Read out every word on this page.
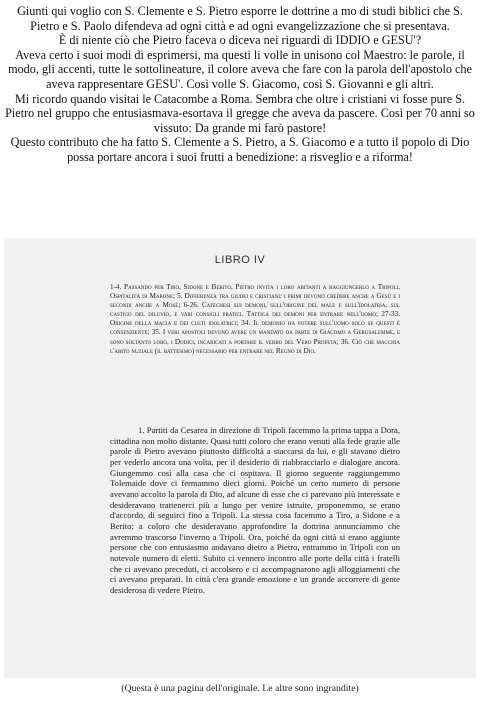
Giunti qui voglio con S. Clemente e S. Pietro esporre le dottrine a mo di studi biblici che S. Pietro e S. Paolo difendeva ad ogni città e ad ogni evangelizzazione che si presentava.

È di niente ciò che Pietro faceva o diceva nei riguardi di IDDIO e GESU'?

Aveva certo i suoi modi di esprimersi, ma questi li volle in unisono col Maestro: le parole, il modo, gli accenti, tutte le sottolineature, il colore aveva che fare con la parola dell'apostolo che aveva rappresentare GESU'. Così volle S. Giacomo, così S. Giovanni e gli altri.

Mi ricordo quando visitai le Catacombe a Roma. Sembra che oltre i cristiani vi fosse pure S. Pietro nel gruppo che entusiasmava-esortava il gregge che aveva da pascere. Così per 70 anni so vissuto: Da grande mi farò pastore!

Questo contributo che ha fatto S. Clemente a S. Pietro, a S. Giacomo e a tutto il popolo di Dio possa portare ancora i suoi frutti a benedizione: a risveglio e a riforma!

LIBRO IV
1-4. Passando per Tiro, Sidone e Berito, Pietro invita i loro abitanti a raggiungerlo a Tripoli. Ospitalità di Marone; 5. Differenza tra giudei e cristiani: i primi devono credere anche a Gesù e i secondi anche a Mosè; 6-26. Catechesi sui demoni, sull'origine del male e sull'idolatria, sul castigo del diluvio, e vari consigli pratici. Tattica dei demoni per entrare nell'uomo; 27-33. Origine della magia e dei culti idolatrici; 34. Il demonio ha potere sull'uomo solo se questi è consenziente; 35. I veri apostoli devono avere un mandato da parte di Giacomo a Gerusalemme, e sono soltanto loro, i Dodici, incaricati a portare il verbo del Vero Profeta; 36. Ciò che macchia l'abito nuziale (il battesimo) necessario per entrare nel Regno di Dio.

1. Partiti da Cesarea in direzione di Tripoli facemmo la prima tappa a Dora, cittadina non molto distante. Quasi tutti coloro che erano venuti alla fede grazie alle parole di Pietro avevano piuttosto difficoltà a staccarsi da lui, e gli stavano dietro per vederlo ancora una volta, per il desiderio di riabbracciarlo e dialogare ancora. Giungemmo così alla casa che ci ospitava. Il giorno seguente raggiungemmo Tolemaide dove ci fermammo dieci giorni. Poiché un certo numero di persone avevano accolto la parola di Dio, ad alcune di esse che ci parevano più interessate e desideravano trattenerci più a lungo per venire istruite, proponemmo, se erano d'accordo, di seguirci fino a Tripoli. La stessa cosa facemmo a Tiro, a Sidone e a Berito: a coloro che desideravano approfondire la dottrina annunciammo che avremmo trascorso l'inverno a Tripoli. Ora, poiché da ogni città si erano aggiunte persone che con entusiasmo andavano dietro a Pietro, entrammo in Tripoli con un notevole numero di eletti. Subito ci vennero incontro alle porte della città i fratelli che ci avevano preceduti, ci accolsero e ci accompagnarono agli alloggiamenti che ci avevano preparati. In città c'era grande emozione e un grande accorrere di gente desiderosa di vedere Pietro.

(Questa è una pagina dell'originale. Le altre sono ingrandite)
